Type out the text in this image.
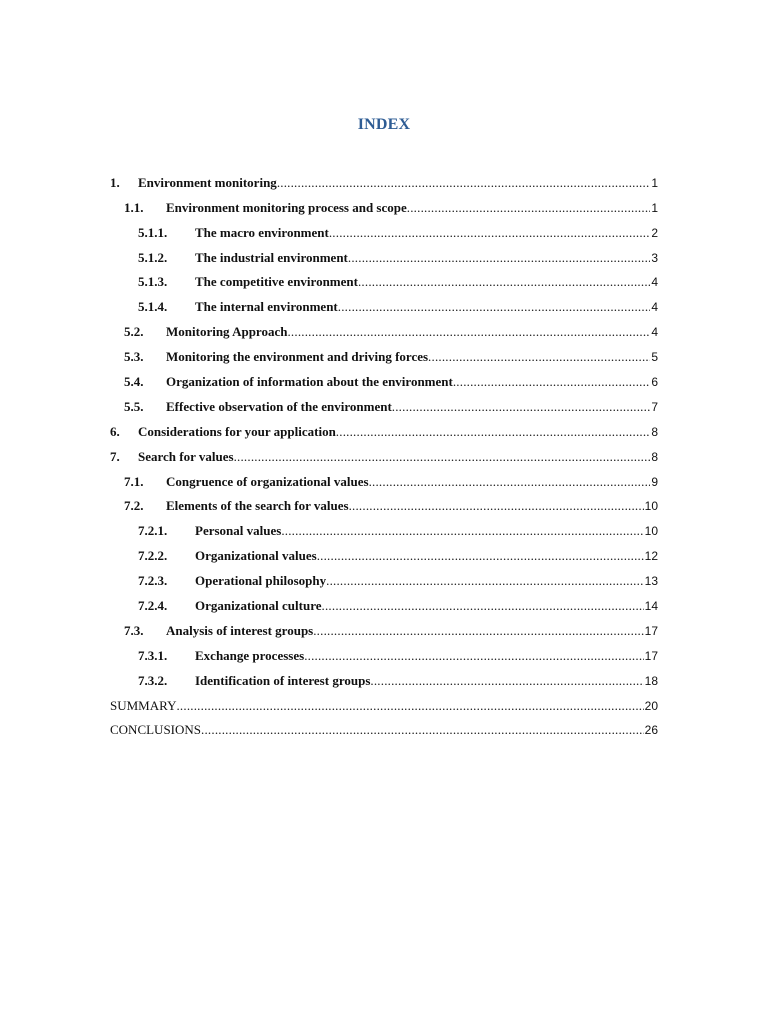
INDEX
1.	Environment monitoring .....	1
1.1.	Environment monitoring process and scope .....	1
5.1.1.	The macro environment .....	2
5.1.2.	The industrial environment .....	3
5.1.3.	The competitive environment .....	4
5.1.4.	The internal environment .....	4
5.2.	Monitoring Approach .....	4
5.3.	Monitoring the environment and driving forces .....	5
5.4.	Organization of information about the environment .....	6
5.5.	Effective observation of the environment .....	7
6.	Considerations for your application .....	8
7.	Search for values .....	8
7.1.	Congruence of organizational values .....	9
7.2.	Elements of the search for values .....	10
7.2.1.	Personal values .....	10
7.2.2.	Organizational values .....	12
7.2.3.	Operational philosophy .....	13
7.2.4.	Organizational culture .....	14
7.3.	Analysis of interest groups .....	17
7.3.1.	Exchange processes .....	17
7.3.2.	Identification of interest groups .....	18
SUMMARY .....	20
CONCLUSIONS .....	26
